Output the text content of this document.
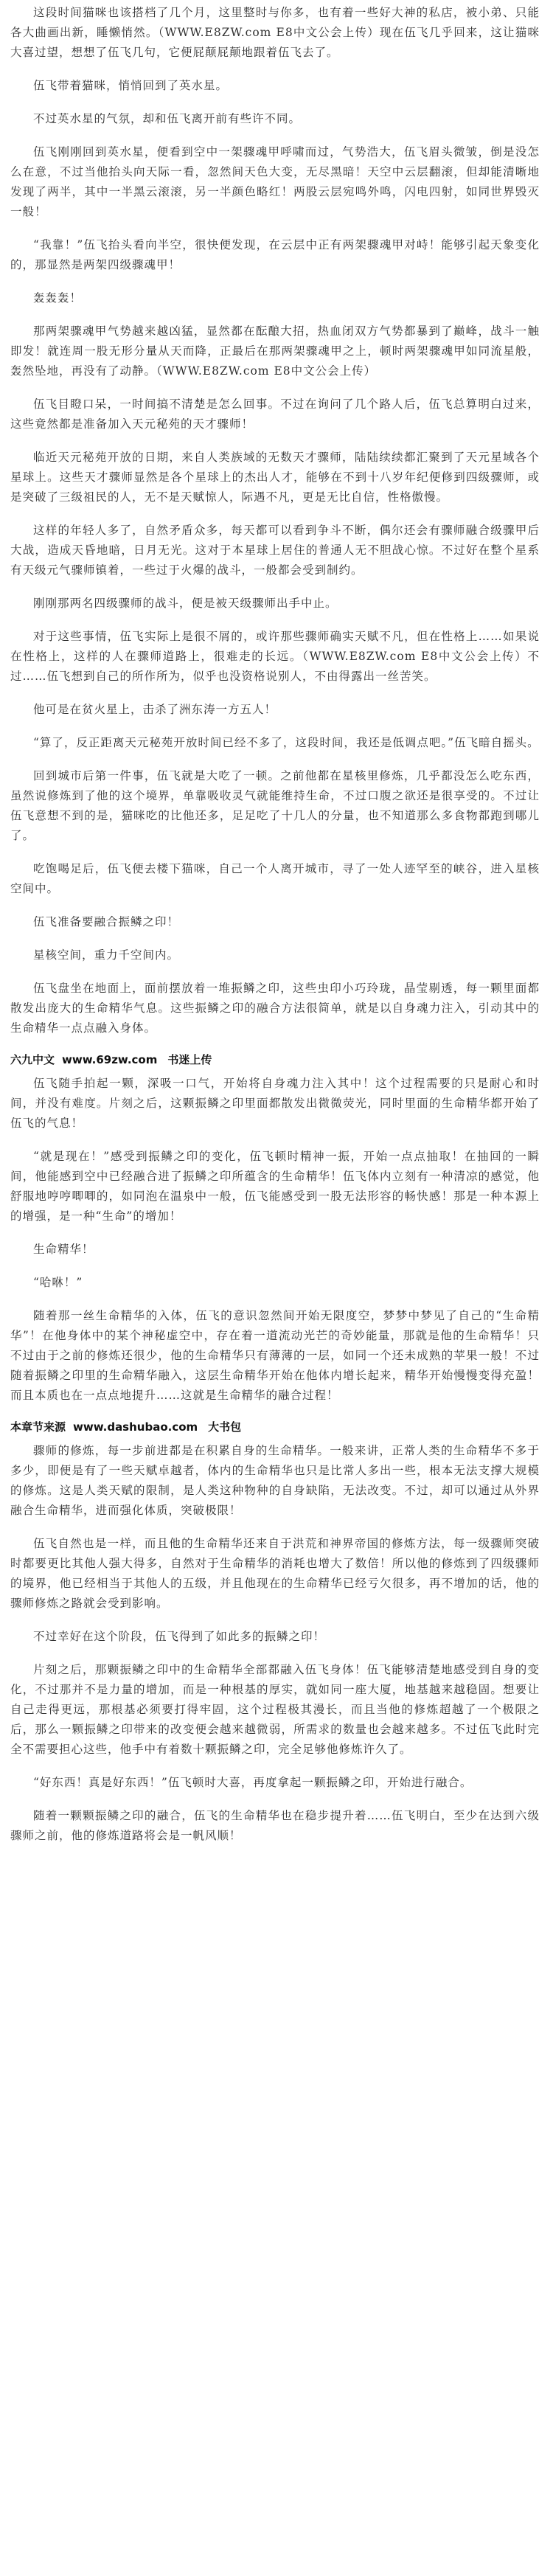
这段时间猫咪也该搭档了几个月，这里整时与你多，也有着一些好大神的私店，被小弟、只能各大曲画出新，睡懒悄然。（WWW.E8ZW.com E8中文公会上传）现在伍飞几乎回来，这让猫咪大喜过望，想想了伍飞几句，它便屁颠屁颠地跟着伍飞去了。

伍飞带着猫咪，悄悄回到了英水星。

不过英水星的气氛，却和伍飞离开前有些许不同。

伍飞刚刚回到英水星，便看到空中一架骤魂甲呼啸而过，气势浩大，伍飞眉头微皱，倒是没怎么在意，不过当他抬头向天际一看，忽然间天色大变，无尽黑暗！天空中云层翻滚，但却能清晰地发现了两半，其中一半黑云滚滚，另一半颜色略红！两股云层宛鸣外鸣，闪电四射，如同世界毁灭一般！

“我靠！”伍飞抬头看向半空，很快便发现，在云层中正有两架骤魂甲对峙！能够引起天象变化的，那显然是两架四级骤魂甲！

轰轰轰！

那两架骤魂甲气势越来越凶猛，显然都在酝酿大招，热血闭双方气势都暴到了巅峰，战斗一触即发！就连周一股无形分量从天而降，正最后在那两架骤魂甲之上，顿时两架骤魂甲如同流星般，轰然坠地，再没有了动静。（WWW.E8ZW.com E8中文公会上传）

伍飞目瞪口呆，一时间搞不清楚是怎么回事。不过在询问了几个路人后，伍飞总算明白过来，这些竟然都是准备加入天元秘苑的天才骤师！

临近天元秘苑开放的日期，来自人类族域的无数天才骤师，陆陆续续都汇聚到了天元星域各个星球上。这些天才骤师显然是各个星球上的杰出人才，能够在不到十八岁年纪便修到四级骤师，或是突破了三级祖民的人，无不是天赋惊人，际遇不凡，更是无比自信，性格傲慢。

这样的年轻人多了，自然矛盾众多，每天都可以看到争斗不断，偶尔还会有骤师融合级骤甲后大战，造成天昏地暗，日月无光。这对于本星球上居住的普通人无不胆战心惊。不过好在整个星系有天级元气骤师镇着，一些过于火爆的战斗，一般都会受到制约。

刚刚那两名四级骤师的战斗，便是被天级骤师出手中止。

对于这些事情，伍飞实际上是很不屑的，或许那些骤师确实天赋不凡，但在性格上……如果说在性格上，这样的人在骤师道路上，很难走的长远。（WWW.E8ZW.com E8中文公会上传）不过……伍飞想到自己的所作所为，似乎也没资格说别人，不由得露出一丝苦笑。

他可是在贫火星上，击杀了洲东涛一方五人！

“算了，反正距离天元秘苑开放时间已经不多了，这段时间，我还是低调点吧。”伍飞暗自摇头。

回到城市后第一件事，伍飞就是大吃了一顿。之前他都在星核里修炼，几乎都没怎么吃东西，虽然说修炼到了他的这个境界，单靠吸收灵气就能维持生命，不过口腹之欲还是很享受的。不过让伍飞意想不到的是，猫咪吃的比他还多，足足吃了十几人的分量，也不知道那么多食物都跑到哪儿了。

吃饱喝足后，伍飞便去楼下猫咪，自己一个人离开城市，寻了一处人迹罕至的峡谷，进入星核空间中。

伍飞准备要融合振鳞之印！

星核空间，重力千空间内。

伍飞盘坐在地面上，面前摆放着一堆振鳞之印，这些虫印小巧玲珑，晶莹剔透，每一颗里面都散发出庞大的生命精华气息。这些振鳞之印的融合方法很简单，就是以自身魂力注入，引动其中的生命精华一点点融入身体。

六九中文 www.69zw.com 书迷上传

伍飞随手拍起一颗，深吸一口气，开始将自身魂力注入其中！这个过程需要的只是耐心和时间，并没有难度。片刻之后，这颗振鳞之印里面都散发出微微荧光，同时里面的生命精华都开始了伍飞的气息！

“就是现在！”感受到振鳞之印的变化，伍飞顿时精神一振，开始一点点抽取！在抽回的一瞬间，他能感到空中已经融合进了振鳞之印所蕴含的生命精华！伍飞体内立刻有一种清凉的感觉，他舒服地哼哼唧唧的，如同泡在温泉中一般，伍飞能感受到一股无法形容的畅快感！那是一种本源上的增强，是一种“生命”的增加！

生命精华！

“哈咻！”

随着那一丝生命精华的入体，伍飞的意识忽然间开始无限度空，梦梦中梦见了自己的“生命精华”！在他身体中的某个神秘虚空中，存在着一道流动光芒的奇妙能量，那就是他的生命精华！只不过由于之前的修炼还很少，他的生命精华只有薄薄的一层，如同一个还未成熟的苹果一般！不过随着振鳞之印里的生命精华融入，这层生命精华开始在他体内增长起来，精华开始慢慢变得充盈！而且本质也在一点点地提升……这就是生命精华的融合过程！

本章节来源 www.dashubao.com 大书包

骤师的修炼，每一步前进都是在积累自身的生命精华。一般来讲，正常人类的生命精华不多于多少，即便是有了一些天赋卓越者，体内的生命精华也只是比常人多出一些，根本无法支撑大规模的修炼。这是人类天赋的限制，是人类这种物种的自身缺陷，无法改变。不过，却可以通过从外界融合生命精华，进而强化体质，突破极限！

伍飞自然也是一样，而且他的生命精华还来自于洪荒和神界帝国的修炼方法，每一级骤师突破时都要更比其他人强大得多，自然对于生命精华的消耗也增大了数倍！所以他的修炼到了四级骤师的境界，他已经相当于其他人的五级，并且他现在的生命精华已经亏欠很多，再不增加的话，他的骤师修炼之路就会受到影响。

不过幸好在这个阶段，伍飞得到了如此多的振鳞之印！

片刻之后，那颗振鳞之印中的生命精华全部都融入伍飞身体！伍飞能够清楚地感受到自身的变化，不过那并不是力量的增加，而是一种根基的厚实，就如同一座大厦，地基越来越稳固。想要让自己走得更远，那根基必须要打得牢固，这个过程极其漫长，而且当他的修炼超越了一个极限之后，那么一颗振鳞之印带来的改变便会越来越微弱，所需求的数量也会越来越多。不过伍飞此时完全不需要担心这些，他手中有着数十颗振鳞之印，完全足够他修炼许久了。

“好东西！真是好东西！”伍飞顿时大喜，再度拿起一颗振鳞之印，开始进行融合。

随着一颗颗振鳞之印的融合，伍飞的生命精华也在稳步提升着……伍飞明白，至少在达到六级骤师之前，他的修炼道路将会是一帆风顺！
